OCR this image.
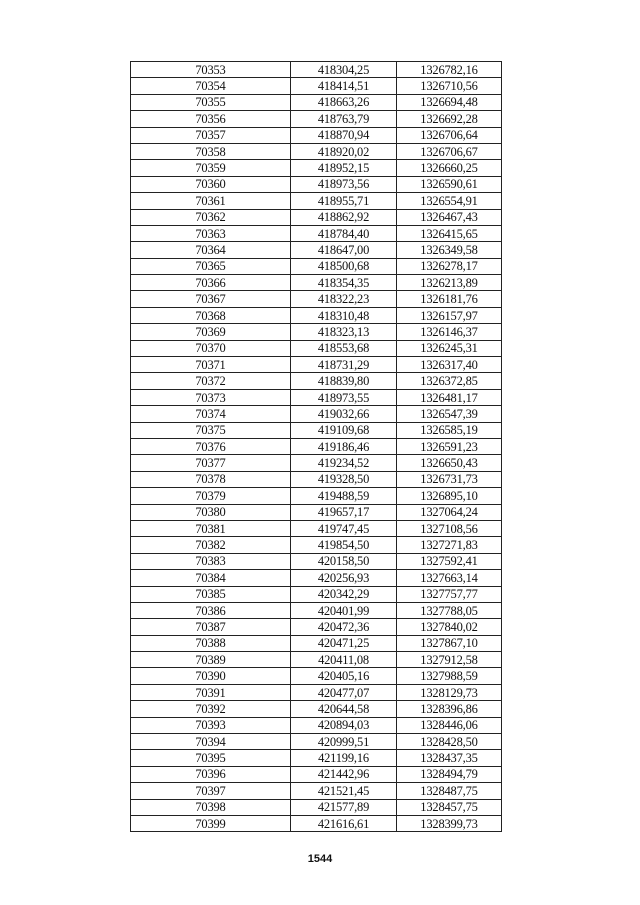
70353	418304,25	1326782,16
70354	418414,51	1326710,56
70355	418663,26	1326694,48
70356	418763,79	1326692,28
70357	418870,94	1326706,64
70358	418920,02	1326706,67
70359	418952,15	1326660,25
70360	418973,56	1326590,61
70361	418955,71	1326554,91
70362	418862,92	1326467,43
70363	418784,40	1326415,65
70364	418647,00	1326349,58
70365	418500,68	1326278,17
70366	418354,35	1326213,89
70367	418322,23	1326181,76
70368	418310,48	1326157,97
70369	418323,13	1326146,37
70370	418553,68	1326245,31
70371	418731,29	1326317,40
70372	418839,80	1326372,85
70373	418973,55	1326481,17
70374	419032,66	1326547,39
70375	419109,68	1326585,19
70376	419186,46	1326591,23
70377	419234,52	1326650,43
70378	419328,50	1326731,73
70379	419488,59	1326895,10
70380	419657,17	1327064,24
70381	419747,45	1327108,56
70382	419854,50	1327271,83
70383	420158,50	1327592,41
70384	420256,93	1327663,14
70385	420342,29	1327757,77
70386	420401,99	1327788,05
70387	420472,36	1327840,02
70388	420471,25	1327867,10
70389	420411,08	1327912,58
70390	420405,16	1327988,59
70391	420477,07	1328129,73
70392	420644,58	1328396,86
70393	420894,03	1328446,06
70394	420999,51	1328428,50
70395	421199,16	1328437,35
70396	421442,96	1328494,79
70397	421521,45	1328487,75
70398	421577,89	1328457,75
70399	421616,61	1328399,73
1544
